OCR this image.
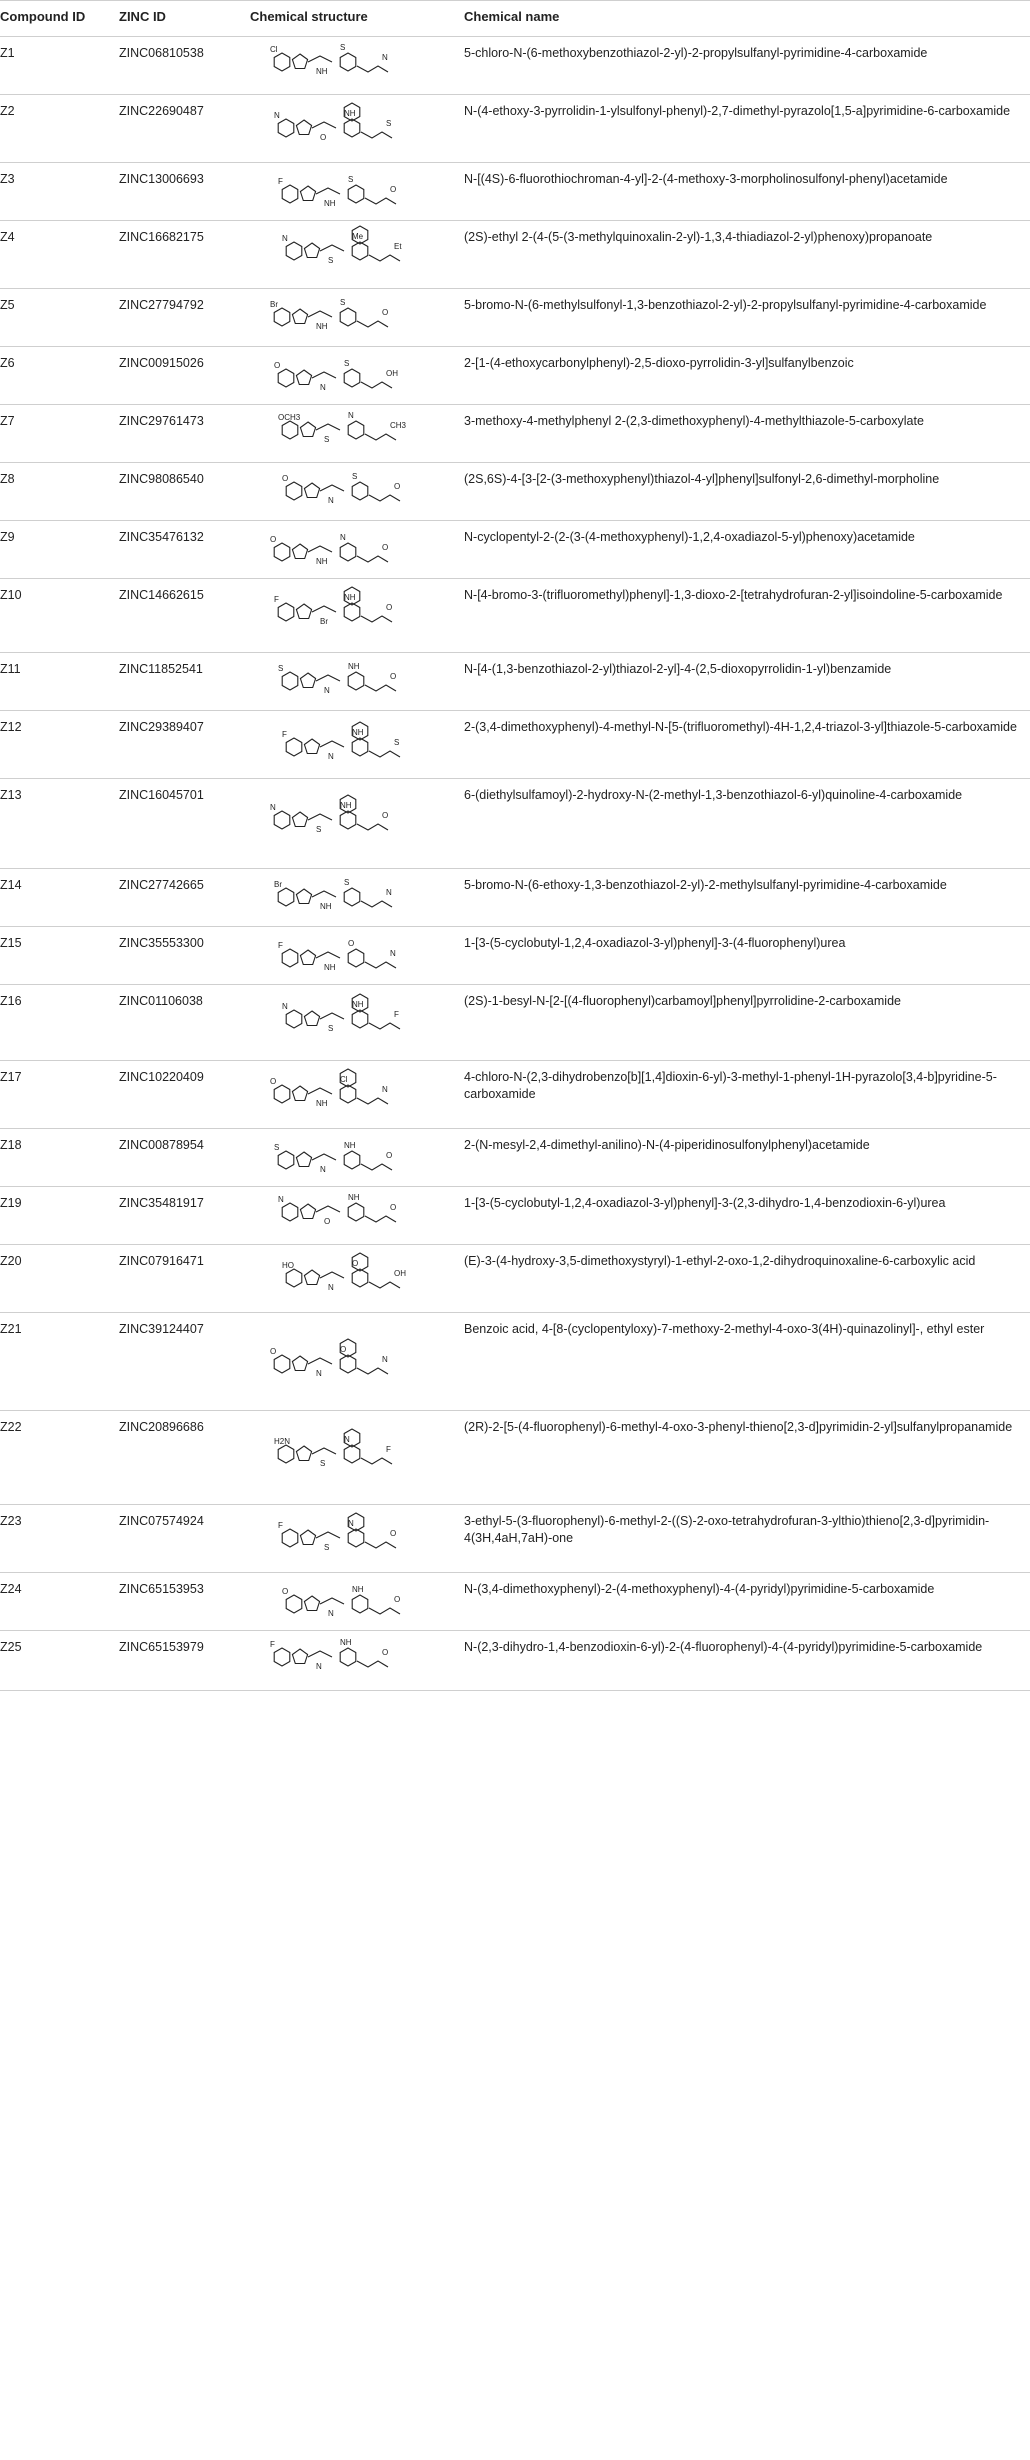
Compound ID	ZINC ID	Chemical structure	Chemical name
Z1	ZINC06810538	Cl
NH
S
N	5-chloro-N-(6-methoxybenzothiazol-2-yl)-2-propylsulfanyl-pyrimidine-4-carboxamide
Z2	ZINC22690487	N
O
NH
S	N-(4-ethoxy-3-pyrrolidin-1-ylsulfonyl-phenyl)-2,7-dimethyl-pyrazolo[1,5-a]pyrimidine-6-carboxamide
Z3	ZINC13006693	F
NH
S
O	N-[(4S)-6-fluorothiochroman-4-yl]-2-(4-methoxy-3-morpholinosulfonyl-phenyl)acetamide
Z4	ZINC16682175	N
S
Me
Et	(2S)-ethyl 2-(4-(5-(3-methylquinoxalin-2-yl)-1,3,4-thiadiazol-2-yl)phenoxy)propanoate
Z5	ZINC27794792	Br
NH
S
O	5-bromo-N-(6-methylsulfonyl-1,3-benzothiazol-2-yl)-2-propylsulfanyl-pyrimidine-4-carboxamide
Z6	ZINC00915026	O
N
S
OH	2-[1-(4-ethoxycarbonylphenyl)-2,5-dioxo-pyrrolidin-3-yl]sulfanylbenzoic
Z7	ZINC29761473	OCH3
S
N
CH3	3-methoxy-4-methylphenyl 2-(2,3-dimethoxyphenyl)-4-methylthiazole-5-carboxylate
Z8	ZINC98086540	O
N
S
O	(2S,6S)-4-[3-[2-(3-methoxyphenyl)thiazol-4-yl]phenyl]sulfonyl-2,6-dimethyl-morpholine
Z9	ZINC35476132	O
NH
N
O	N-cyclopentyl-2-(2-(3-(4-methoxyphenyl)-1,2,4-oxadiazol-5-yl)phenoxy)acetamide
Z10	ZINC14662615	F
Br
NH
O	N-[4-bromo-3-(trifluoromethyl)phenyl]-1,3-dioxo-2-[tetrahydrofuran-2-yl]isoindoline-5-carboxamide
Z11	ZINC11852541	S
N
NH
O	N-[4-(1,3-benzothiazol-2-yl)thiazol-2-yl]-4-(2,5-dioxopyrrolidin-1-yl)benzamide
Z12	ZINC29389407	F
N
NH
S	2-(3,4-dimethoxyphenyl)-4-methyl-N-[5-(trifluoromethyl)-4H-1,2,4-triazol-3-yl]thiazole-5-carboxamide
Z13	ZINC16045701	N
S
NH
O	6-(diethylsulfamoyl)-2-hydroxy-N-(2-methyl-1,3-benzothiazol-6-yl)quinoline-4-carboxamide
Z14	ZINC27742665	Br
NH
S
N	5-bromo-N-(6-ethoxy-1,3-benzothiazol-2-yl)-2-methylsulfanyl-pyrimidine-4-carboxamide
Z15	ZINC35553300	F
NH
O
N	1-[3-(5-cyclobutyl-1,2,4-oxadiazol-3-yl)phenyl]-3-(4-fluorophenyl)urea
Z16	ZINC01106038	N
S
NH
F	(2S)-1-besyl-N-[2-[(4-fluorophenyl)carbamoyl]phenyl]pyrrolidine-2-carboxamide
Z17	ZINC10220409	O
NH
Cl
N	4-chloro-N-(2,3-dihydrobenzo[b][1,4]dioxin-6-yl)-3-methyl-1-phenyl-1H-pyrazolo[3,4-b]pyridine-5-carboxamide
Z18	ZINC00878954	S
N
NH
O	2-(N-mesyl-2,4-dimethyl-anilino)-N-(4-piperidinosulfonylphenyl)acetamide
Z19	ZINC35481917	N
O
NH
O	1-[3-(5-cyclobutyl-1,2,4-oxadiazol-3-yl)phenyl]-3-(2,3-dihydro-1,4-benzodioxin-6-yl)urea
Z20	ZINC07916471	HO
N
O
OH	(E)-3-(4-hydroxy-3,5-dimethoxystyryl)-1-ethyl-2-oxo-1,2-dihydroquinoxaline-6-carboxylic acid
Z21	ZINC39124407	O
N
O
N	Benzoic acid, 4-[8-(cyclopentyloxy)-7-methoxy-2-methyl-4-oxo-3(4H)-quinazolinyl]-, ethyl ester
Z22	ZINC20896686	H2N
S
N
F	(2R)-2-[5-(4-fluorophenyl)-6-methyl-4-oxo-3-phenyl-thieno[2,3-d]pyrimidin-2-yl]sulfanylpropanamide
Z23	ZINC07574924	F
S
N
O	3-ethyl-5-(3-fluorophenyl)-6-methyl-2-((S)-2-oxo-tetrahydrofuran-3-ylthio)thieno[2,3-d]pyrimidin-4(3H,4aH,7aH)-one
Z24	ZINC65153953	O
N
NH
O	N-(3,4-dimethoxyphenyl)-2-(4-methoxyphenyl)-4-(4-pyridyl)pyrimidine-5-carboxamide
Z25	ZINC65153979	F
N
NH
O	N-(2,3-dihydro-1,4-benzodioxin-6-yl)-2-(4-fluorophenyl)-4-(4-pyridyl)pyrimidine-5-carboxamide
